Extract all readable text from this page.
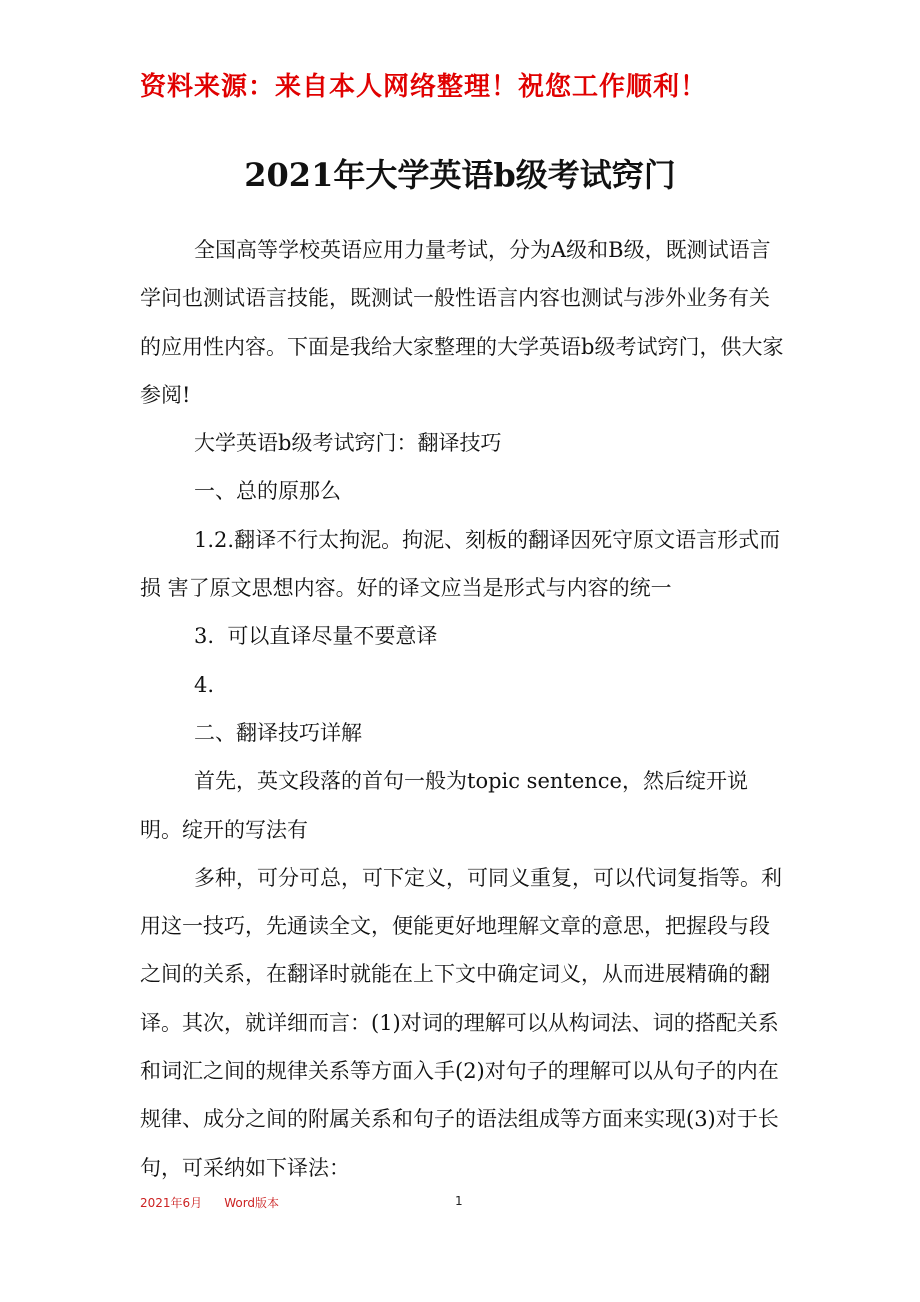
资料来源：来自本人网络整理！祝您工作顺利！
2021年大学英语b级考试窍门

全国高等学校英语应用力量考试，分为A级和B级，既测试语言学问也测试语言技能，既测试一般性语言内容也测试与涉外业务有关的应用性内容。下面是我给大家整理的大学英语b级考试窍门，供大家参阅!

大学英语b级考试窍门：翻译技巧

一、总的原那么

1.2.翻译不行太拘泥。拘泥、刻板的翻译因死守原文语言形式而损 害了原文思想内容。好的译文应当是形式与内容的统一

3.  可以直译尽量不要意译

4.

二、翻译技巧详解

首先，英文段落的首句一般为topic sentence，然后绽开说明。绽开的写法有

多种，可分可总，可下定义，可同义重复，可以代词复指等。利用这一技巧，先通读全文，便能更好地理解文章的意思，把握段与段之间的关系，在翻译时就能在上下文中确定词义，从而进展精确的翻译。其次，就详细而言：(1)对词的理解可以从构词法、词的搭配关系和词汇之间的规律关系等方面入手(2)对句子的理解可以从句子的内在规律、成分之间的附属关系和句子的语法组成等方面来实现(3)对于长句，可采纳如下译法：

2021年6月 Word版本	1
